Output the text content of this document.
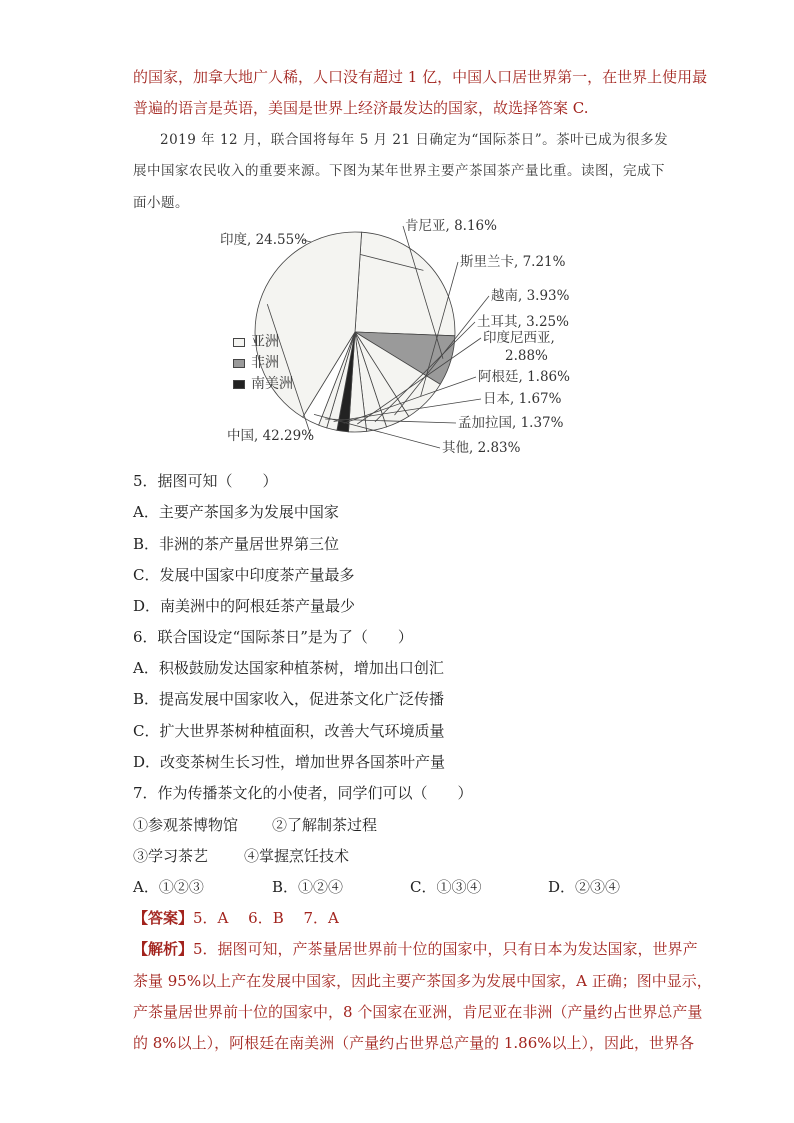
的国家，加拿大地广人稀，人口没有超过 1 亿，中国人口居世界第一，在世界上使用最
普遍的语言是英语，美国是世界上经济最发达的国家，故选择答案 C.
2019 年 12 月，联合国将每年 5 月 21 日确定为“国际茶日”。茶叶已成为很多发
展中国家农民收入的重要来源。下图为某年世界主要产茶国茶产量比重。读图，完成下
面小题。
印度, 24.55%
肯尼亚, 8.16%
斯里兰卡, 7.21%
越南, 3.93%
土耳其, 3.25%
印度尼西亚,
2.88%
阿根廷, 1.86%
日本, 1.67%
孟加拉国, 1.37%
其他, 2.83%
中国, 42.29%
亚洲
非洲
南美洲
5．据图可知（　　）
A．主要产茶国多为发展中国家
B．非洲的茶产量居世界第三位
C．发展中国家中印度茶产量最多
D．南美洲中的阿根廷茶产量最少
6．联合国设定“国际茶日”是为了（　　）
A．积极鼓励发达国家种植茶树，增加出口创汇
B．提高发展中国家收入，促进茶文化广泛传播
C．扩大世界茶树种植面积，改善大气环境质量
D．改变茶树生长习性，增加世界各国茶叶产量
7．作为传播茶文化的小使者，同学们可以（　　）
①参观茶博物馆 ②了解制茶过程
③学习茶艺 ④掌握烹饪技术
A．①②③	B．①②④	C．①③④	D．②③④
【答案】5．A　 6．B　 7．A
【解析】5．据图可知，产茶量居世界前十位的国家中，只有日本为发达国家，世界产
茶量 95%以上产在发展中国家，因此主要产茶国多为发展中国家，A 正确；图中显示，
产茶量居世界前十位的国家中，8 个国家在亚洲，肯尼亚在非洲（产量约占世界总产量
的 8%以上），阿根廷在南美洲（产量约占世界总产量的 1.86%以上），因此，世界各
